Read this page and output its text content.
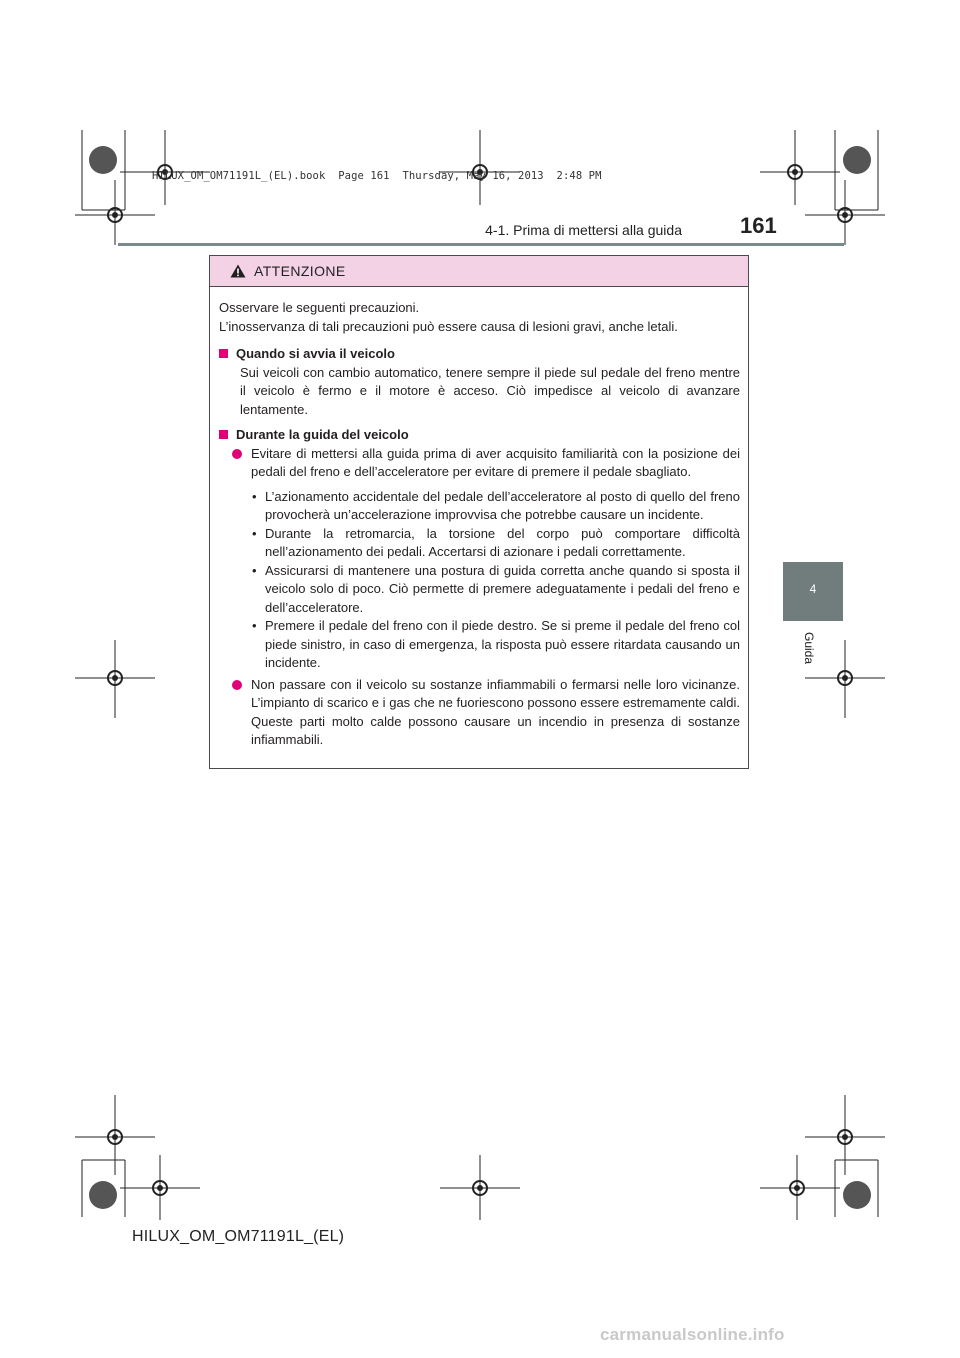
HILUX_OM_OM71191L_(EL).book  Page 161  Thursday, May 16, 2013  2:48 PM
4-1. Prima di mettersi alla guida	161
4
Guida
ATTENZIONE

Osservare le seguenti precauzioni.

L’inosservanza di tali precauzioni può essere causa di lesioni gravi, anche letali.

Quando si avvia il veicolo

Sui veicoli con cambio automatico, tenere sempre il piede sul pedale del freno mentre il veicolo è fermo e il motore è acceso. Ciò impedisce al veicolo di avanzare lentamente.

Durante la guida del veicolo

Evitare di mettersi alla guida prima di aver acquisito familiarità con la posizione dei pedali del freno e dell’acceleratore per evitare di premere il pedale sbagliato.

• L’azionamento accidentale del pedale dell’acceleratore al posto di quello del freno provocherà un’accelerazione improvvisa che potrebbe causare un incidente.
• Durante la retromarcia, la torsione del corpo può comportare difficoltà nell’azionamento dei pedali. Accertarsi di azionare i pedali correttamente.
• Assicurarsi di mantenere una postura di guida corretta anche quando si sposta il veicolo solo di poco. Ciò permette di premere adeguatamente i pedali del freno e dell’acceleratore.
• Premere il pedale del freno con il piede destro. Se si preme il pedale del freno col piede sinistro, in caso di emergenza, la risposta può essere ritardata causando un incidente.

Non passare con il veicolo su sostanze infiammabili o fermarsi nelle loro vicinanze. L’impianto di scarico e i gas che ne fuoriescono possono essere estremamente caldi. Queste parti molto calde possono causare un incendio in presenza di sostanze infiammabili.

HILUX_OM_OM71191L_(EL)
carmanualsonline.info
